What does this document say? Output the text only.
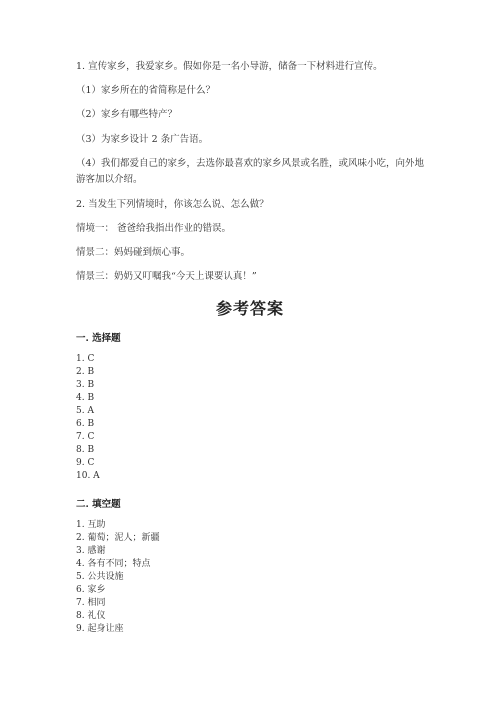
1. 宣传家乡，我爱家乡。假如你是一名小导游，储备一下材料进行宣传。
（1）家乡所在的省简称是什么？
（2）家乡有哪些特产？
（3）为家乡设计 2 条广告语。
（4）我们都爱自己的家乡，去选你最喜欢的家乡风景或名胜，或风味小吃，向外地游客加以介绍。
2. 当发生下列情境时，你该怎么说、怎么做？
情境一： 爸爸给我指出作业的错误。
情景二：妈妈碰到烦心事。
情景三：奶奶又叮嘱我“今天上课要认真！”
参考答案
一. 选择题
1. C
2. B
3. B
4. B
5. A
6. B
7. C
8. B
9. C
10. A
二. 填空题
1. 互助
2. 葡萄；泥人；新疆
3. 感谢
4. 各有不同；特点
5. 公共设施
6. 家乡
7. 相同
8. 礼仪
9. 起身让座
